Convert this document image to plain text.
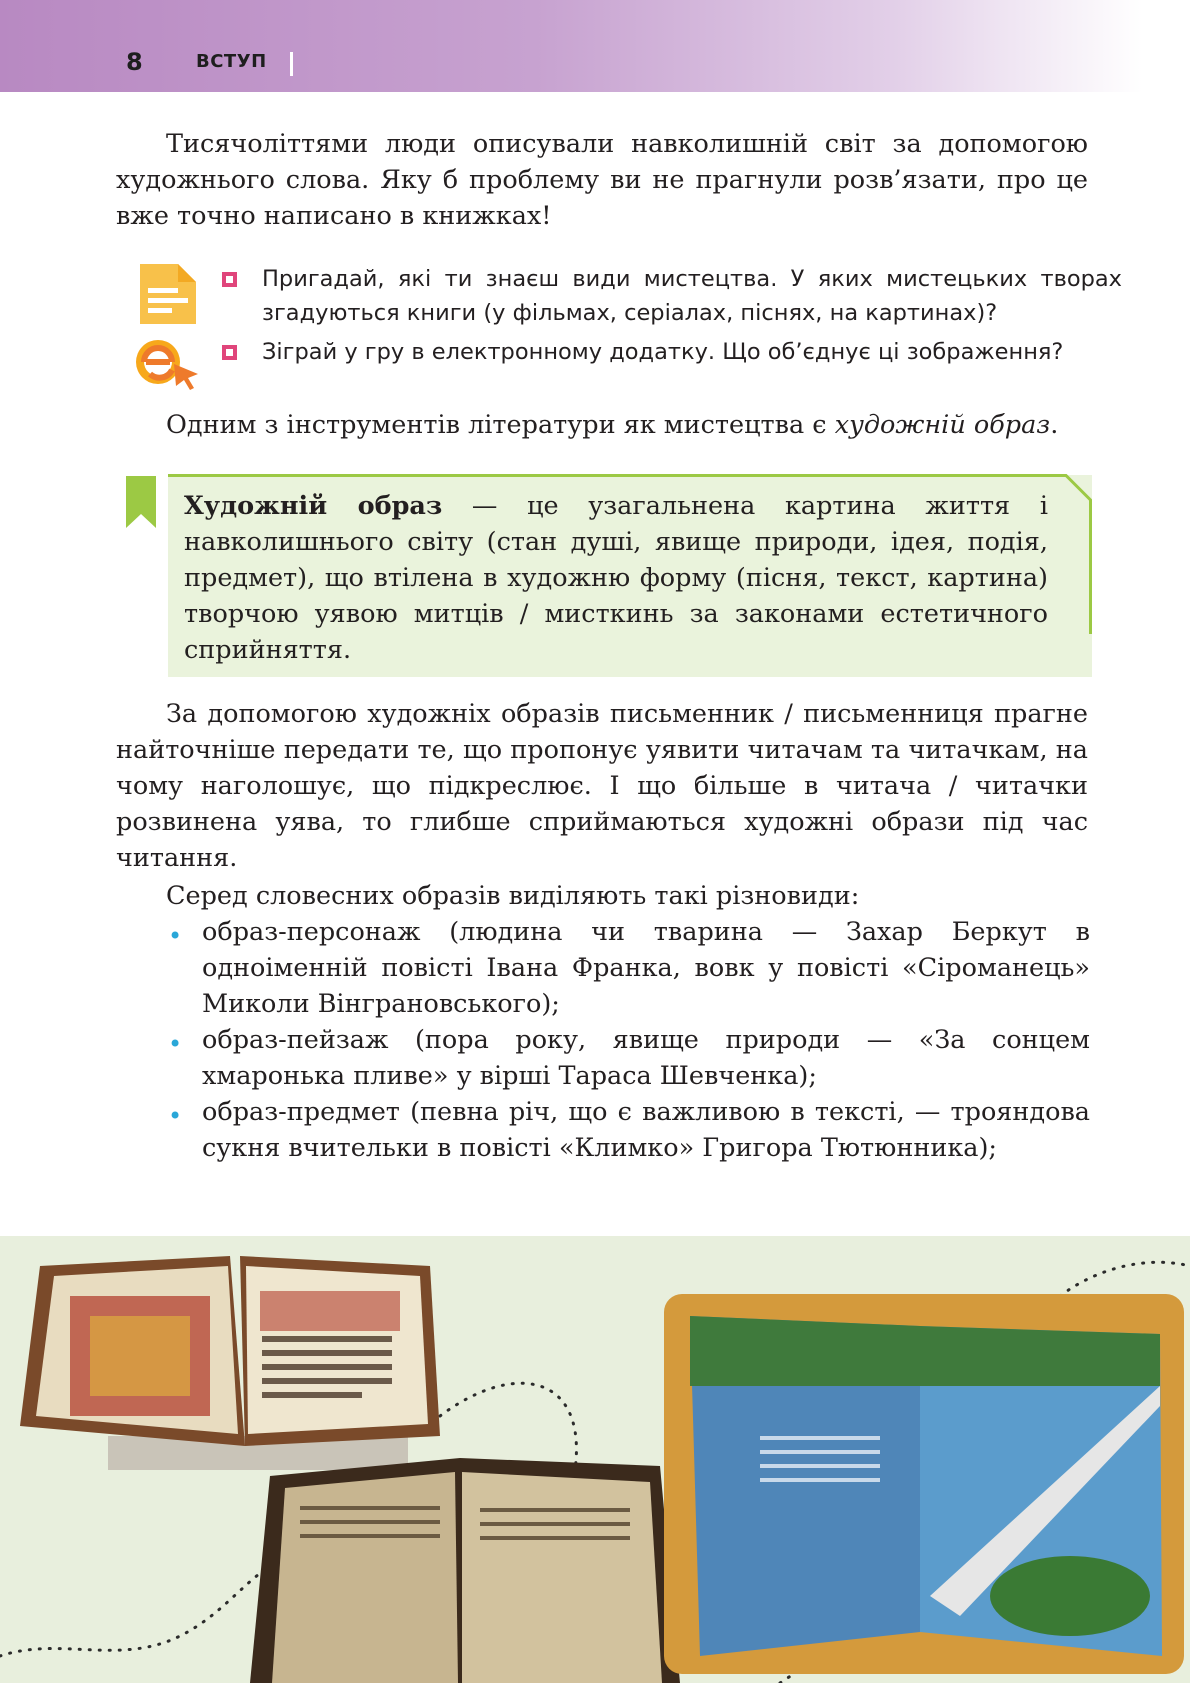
8	ВСТУП

Тисячоліттями люди описували навколишній світ за допомогою художнього слова. Яку б проблему ви не прагнули розв’язати, про це вже точно написано в книжках!

Пригадай, які ти знаєш види мистецтва. У яких мистецьких творах згадуються книги (у фільмах, серіалах, піснях, на картинах)?
Зіграй у гру в електронному додатку. Що об’єднує ці зображення?

Одним з інструментів літератури як мистецтва є художній образ.

Художній образ — це узагальнена картина життя і навколишнього світу (стан душі, явище природи, ідея, подія, предмет), що втілена в художню форму (пісня, текст, картина) творчою уявою митців / мисткинь за законами естетичного сприйняття.

За допомогою художніх образів письменник / письменниця прагне найточніше передати те, що пропонує уявити читачам та читачкам, на чому наголошує, що підкреслює. І що більше в читача / читачки розвинена уява, то глибше сприймаються художні образи під час читання.

Серед словесних образів виділяють такі різновиди:

• образ-персонаж (людина чи тварина — Захар Беркут в одноіменній повісті Івана Франка, вовк у повісті «Сіроманець» Миколи Вінграновського);
• образ-пейзаж (пора року, явище природи — «За сонцем хмаронька пливе» у вірші Тараса Шевченка);
• образ-предмет (певна річ, що є важливою в тексті, — трояндова сукня вчительки в повісті «Климко» Григора Тютюнника);
